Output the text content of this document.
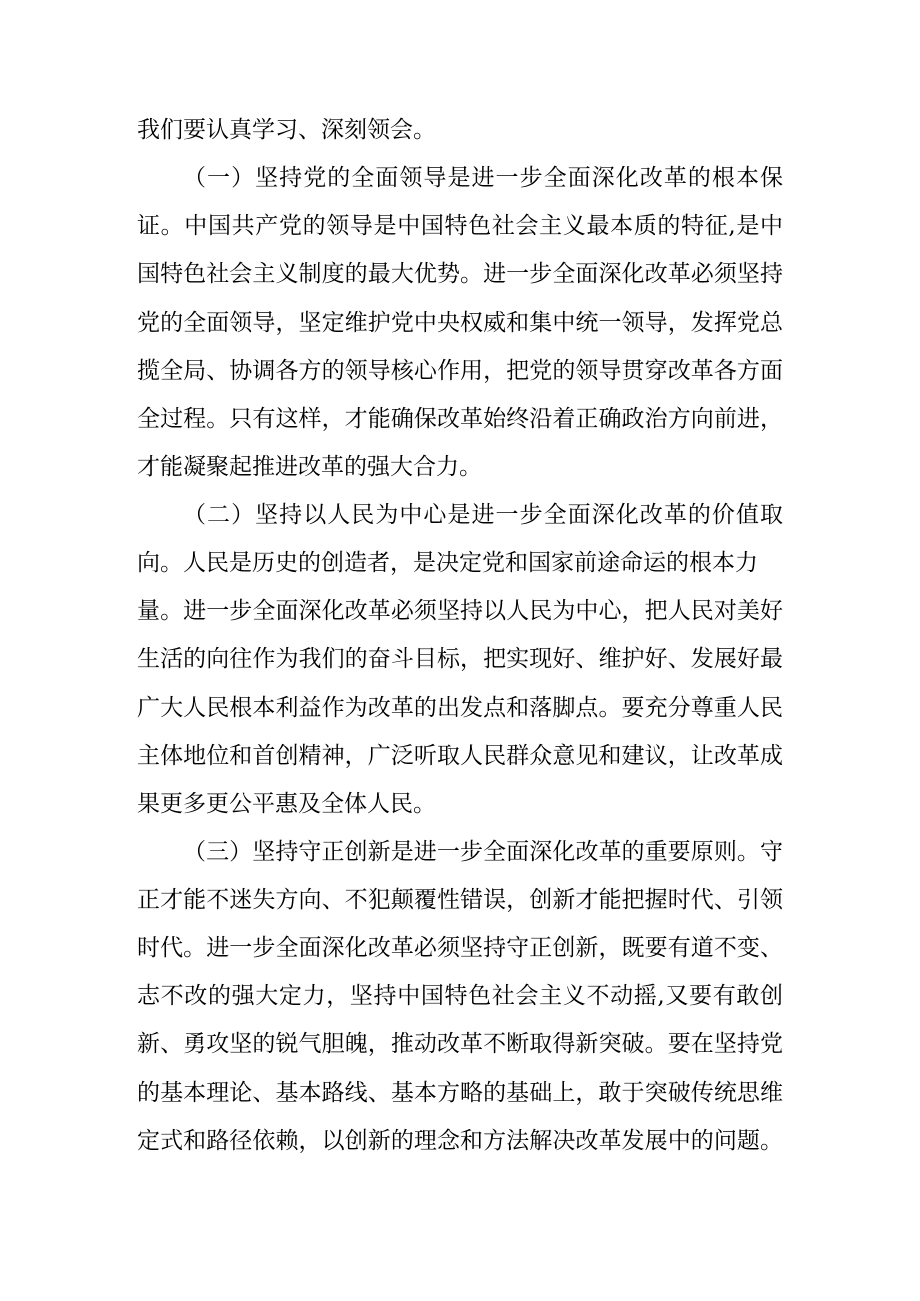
我们要认真学习、深刻领会。
（一）坚持党的全面领导是进一步全面深化改革的根本保
证。中国共产党的领导是中国特色社会主义最本质的特征,是中
国特色社会主义制度的最大优势。进一步全面深化改革必须坚持
党的全面领导，坚定维护党中央权威和集中统一领导，发挥党总
揽全局、协调各方的领导核心作用，把党的领导贯穿改革各方面
全过程。只有这样，才能确保改革始终沿着正确政治方向前进，
才能凝聚起推进改革的强大合力。
（二）坚持以人民为中心是进一步全面深化改革的价值取
向。人民是历史的创造者，是决定党和国家前途命运的根本力
量。进一步全面深化改革必须坚持以人民为中心，把人民对美好
生活的向往作为我们的奋斗目标，把实现好、维护好、发展好最
广大人民根本利益作为改革的出发点和落脚点。要充分尊重人民
主体地位和首创精神，广泛听取人民群众意见和建议，让改革成
果更多更公平惠及全体人民。
（三）坚持守正创新是进一步全面深化改革的重要原则。守
正才能不迷失方向、不犯颠覆性错误，创新才能把握时代、引领
时代。进一步全面深化改革必须坚持守正创新，既要有道不变、
志不改的强大定力，坚持中国特色社会主义不动摇,又要有敢创
新、勇攻坚的锐气胆魄，推动改革不断取得新突破。要在坚持党
的基本理论、基本路线、基本方略的基础上，敢于突破传统思维
定式和路径依赖，以创新的理念和方法解决改革发展中的问题。
